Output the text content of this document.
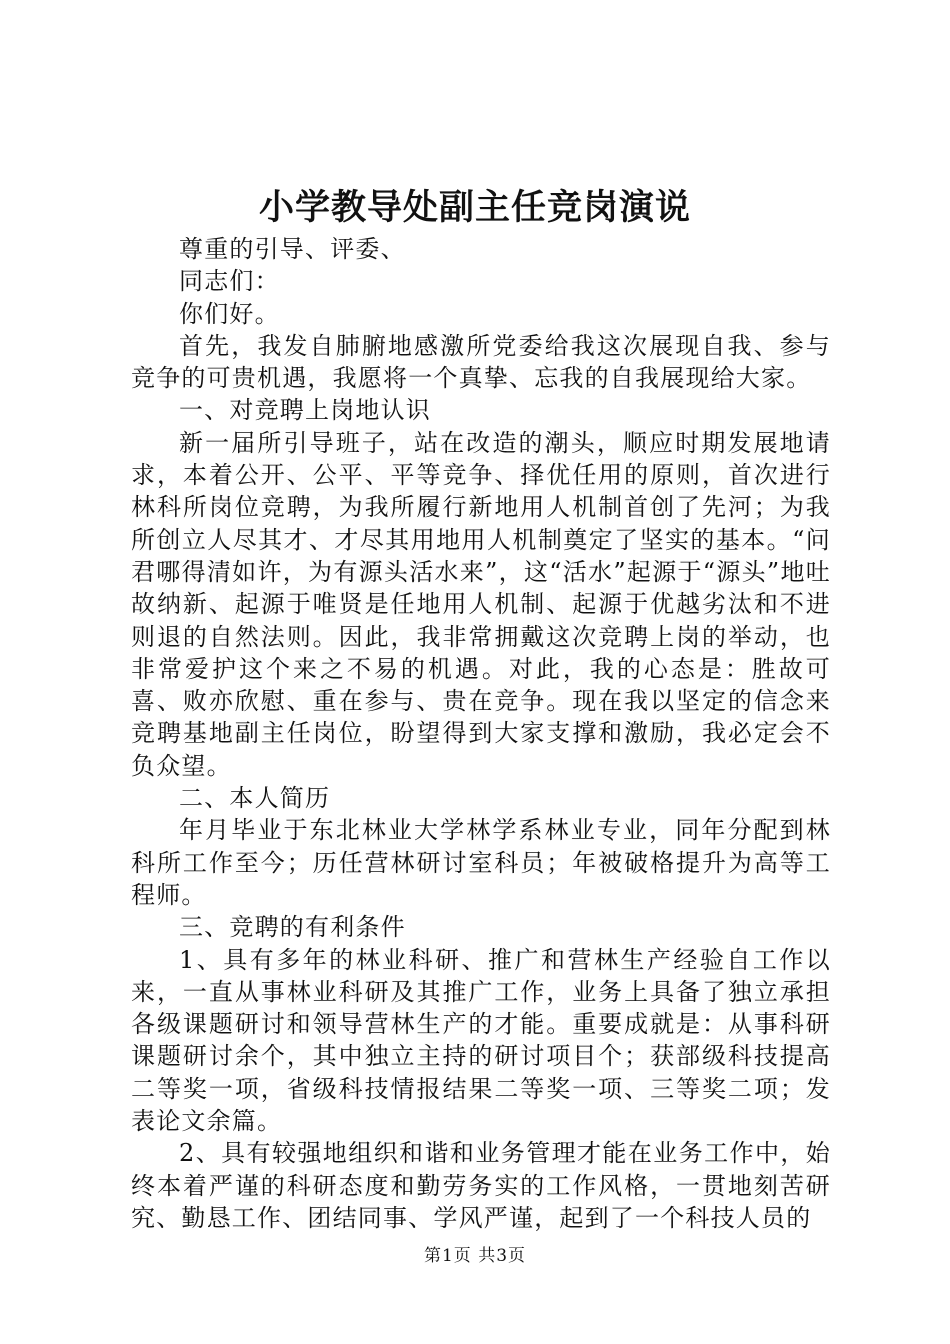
小学教导处副主任竞岗演说

尊重的引导、评委、

同志们：

你们好。

首先，我发自肺腑地感激所党委给我这次展现自我、参与竞争的可贵机遇，我愿将一个真挚、忘我的自我展现给大家。

一、对竞聘上岗地认识

新一届所引导班子，站在改造的潮头，顺应时期发展地请求，本着公开、公平、平等竞争、择优任用的原则，首次进行林科所岗位竞聘，为我所履行新地用人机制首创了先河；为我所创立人尽其才、才尽其用地用人机制奠定了坚实的基本。“问君哪得清如许，为有源头活水来”，这“活水”起源于“源头”地吐故纳新、起源于唯贤是任地用人机制、起源于优越劣汰和不进则退的自然法则。因此，我非常拥戴这次竞聘上岗的举动，也非常爱护这个来之不易的机遇。对此，我的心态是：胜故可喜、败亦欣慰、重在参与、贵在竞争。现在我以坚定的信念来竞聘基地副主任岗位，盼望得到大家支撑和激励，我必定会不负众望。

二、本人简历

年月毕业于东北林业大学林学系林业专业，同年分配到林科所工作至今；历任营林研讨室科员；年被破格提升为高等工程师。

三、竞聘的有利条件

1、具有多年的林业科研、推广和营林生产经验自工作以来，一直从事林业科研及其推广工作，业务上具备了独立承担各级课题研讨和领导营林生产的才能。重要成就是：从事科研课题研讨余个，其中独立主持的研讨项目个；获部级科技提高二等奖一项，省级科技情报结果二等奖一项、三等奖二项；发表论文余篇。

2、具有较强地组织和谐和业务管理才能在业务工作中，始终本着严谨的科研态度和勤劳务实的工作风格，一贯地刻苦研究、勤恳工作、团结同事、学风严谨，起到了一个科技人员的

第1页 共3页
